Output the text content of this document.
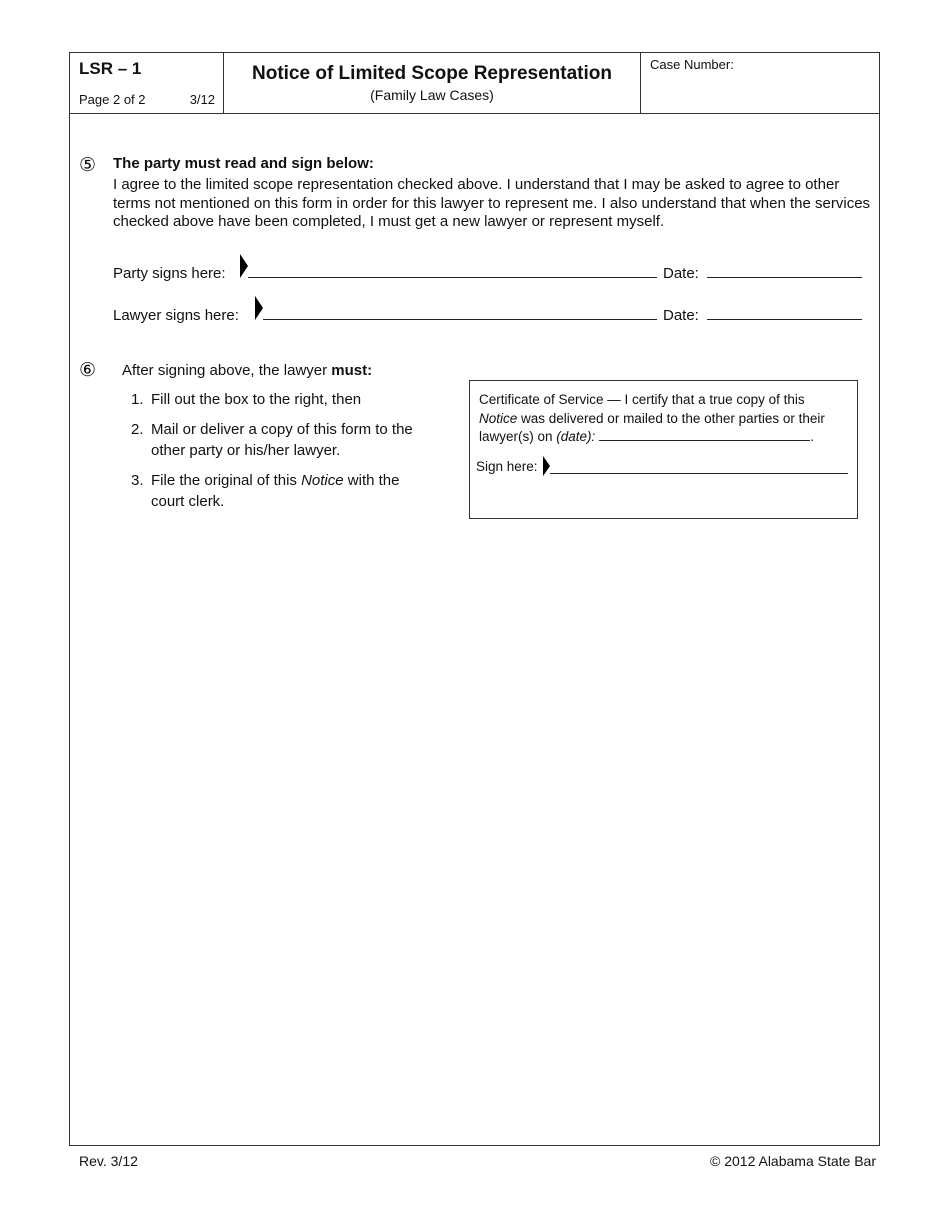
LSR – 1
Page 2 of 2	3/12
Notice of Limited Scope Representation
(Family Law Cases)
Case Number:
⑤ The party must read and sign below:
I agree to the limited scope representation checked above. I understand that I may be asked to agree to other terms not mentioned on this form in order for this lawyer to represent me. I also understand that when the services checked above have been completed, I must get a new lawyer or represent myself.
Party signs here:	Date:
Lawyer signs here:	Date:
⑥ After signing above, the lawyer must:
1. Fill out the box to the right, then
2. Mail or deliver a copy of this form to the other party or his/her lawyer.
3. File the original of this Notice with the court clerk.
Certificate of Service — I certify that a true copy of this
Notice was delivered or mailed to the other parties or their
lawyer(s) on (date):	.
Sign here:
Rev. 3/12	© 2012 Alabama State Bar
